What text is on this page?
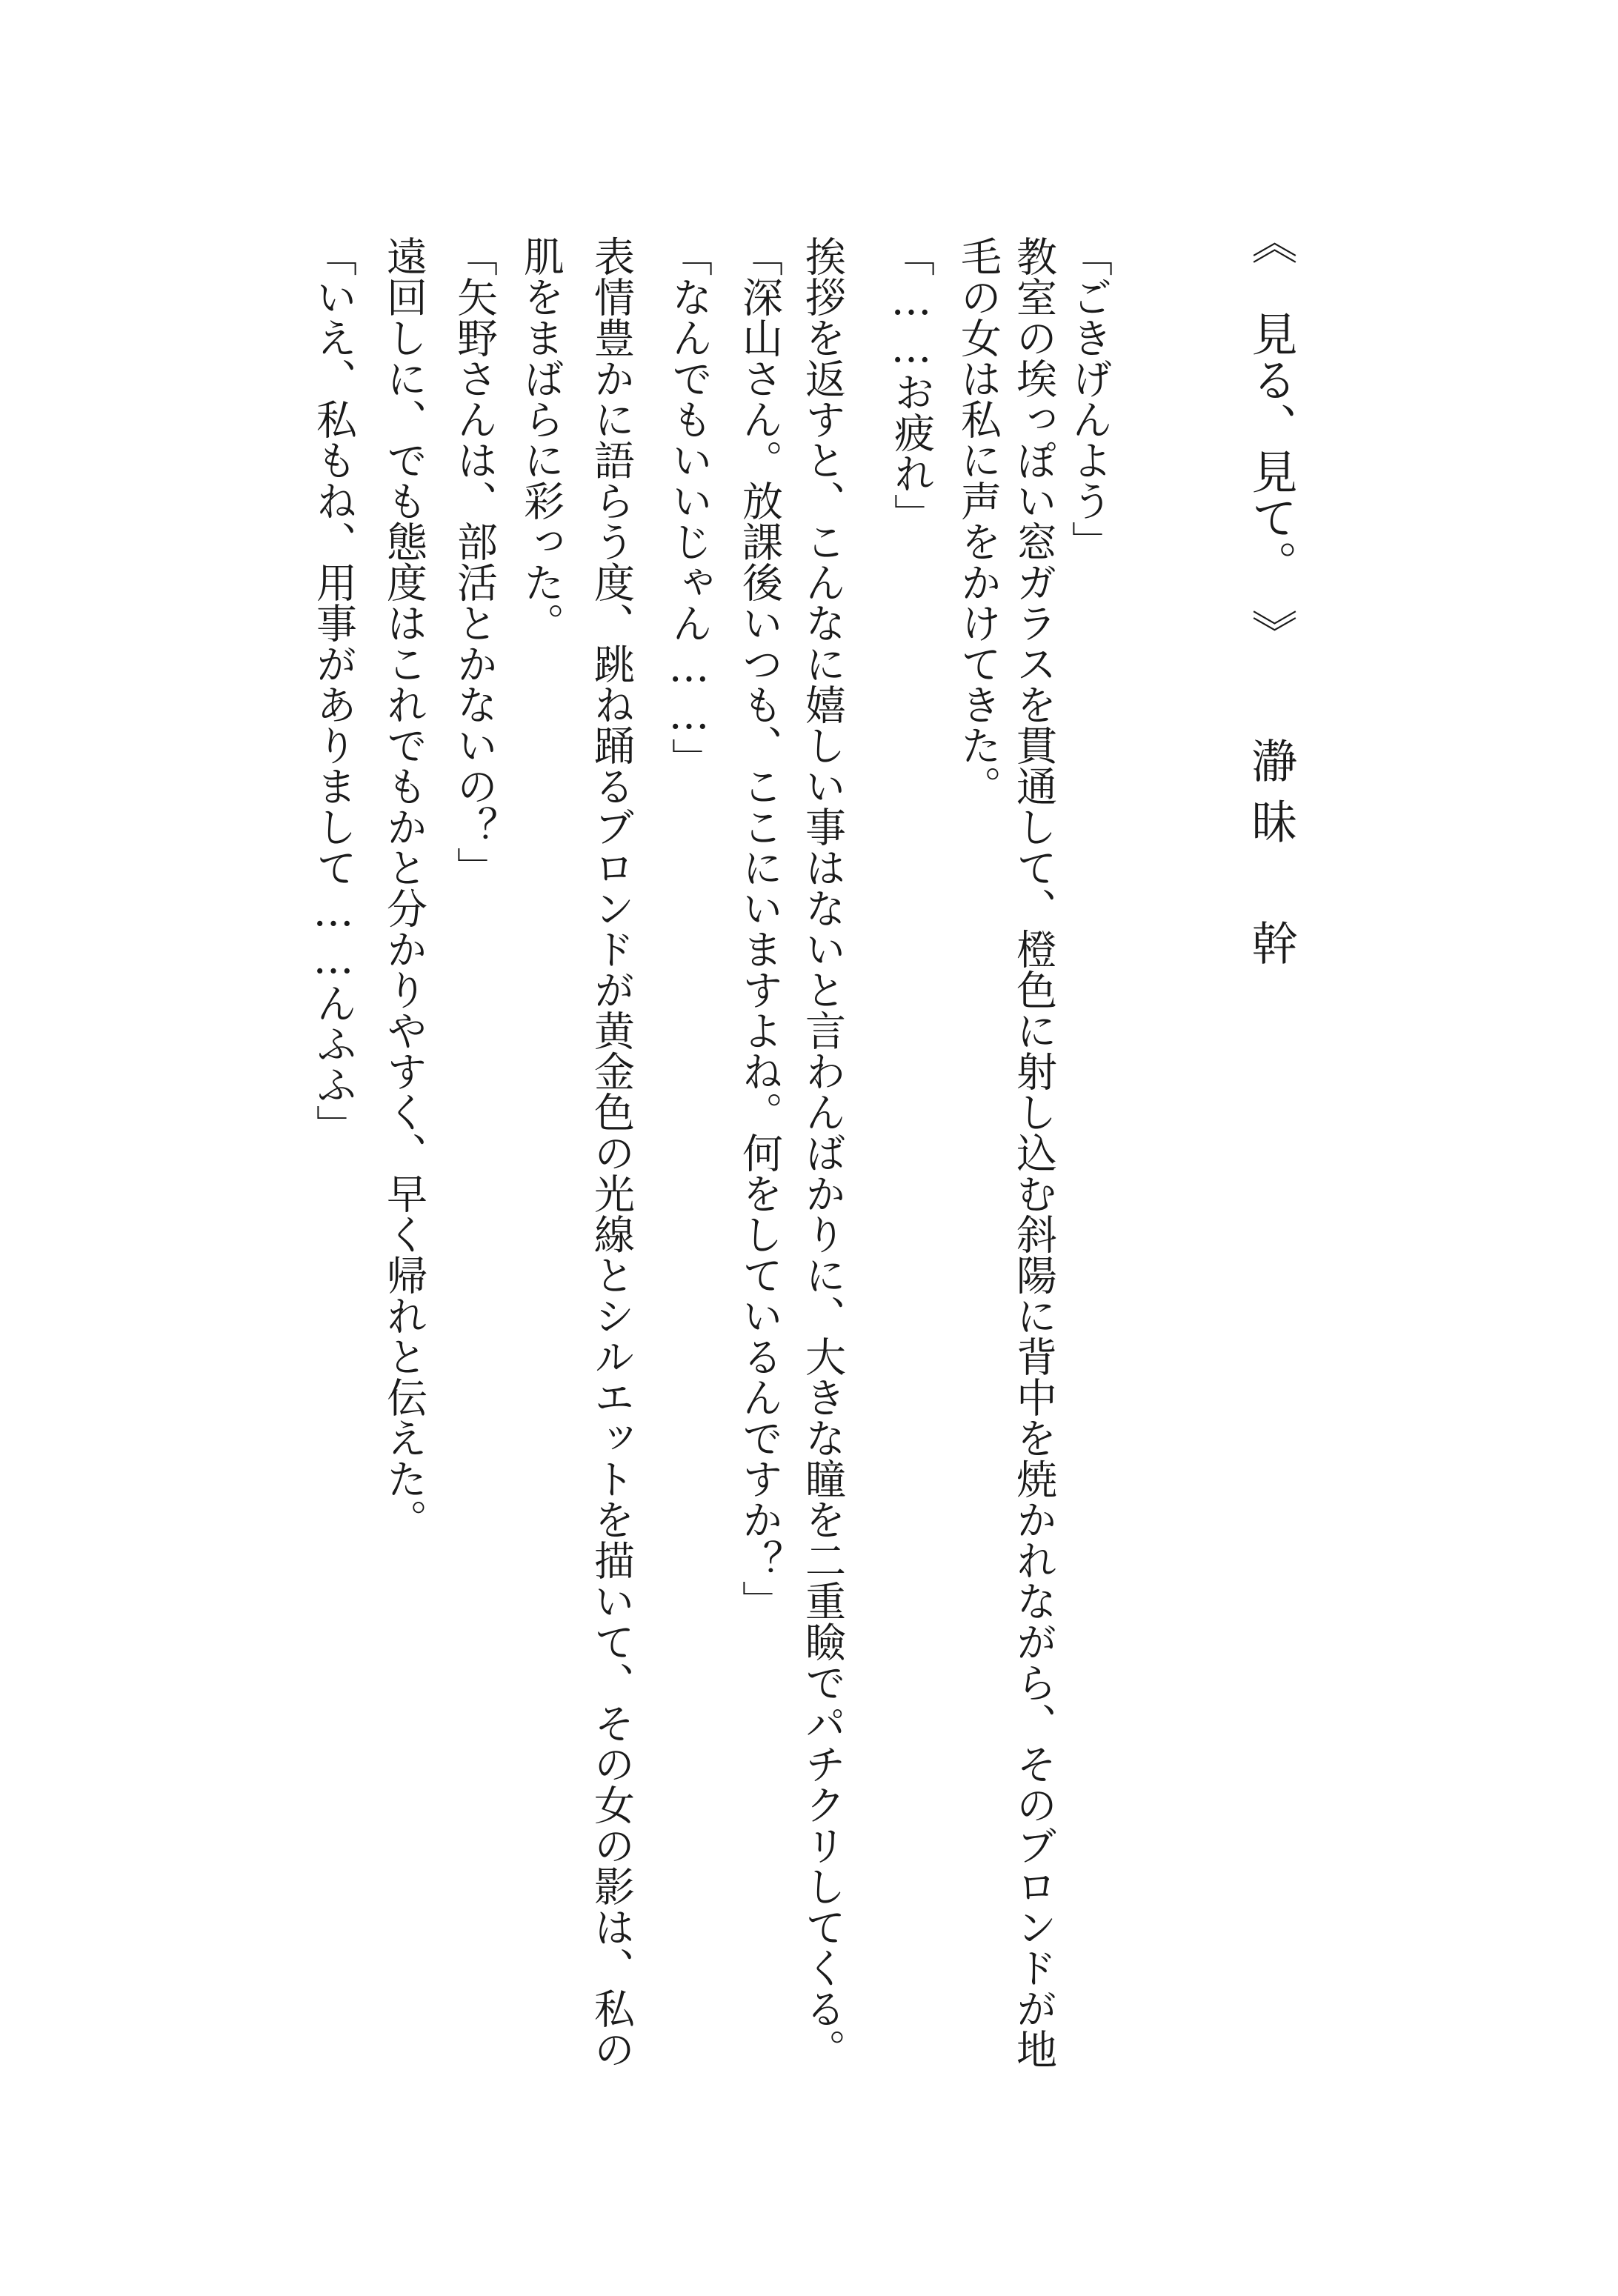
《　見る、見て。　》
瀞昧　幹
「ごきげんよう」
教室の埃っぽい窓ガラスを貫通して、橙色に射し込む斜陽に背中を焼かれながら、そのブロンドが地
毛の女は私に声をかけてきた。
「……お疲れ」
挨拶を返すと、こんなに嬉しい事はないと言わんばかりに、大きな瞳を二重瞼でパチクリしてくる。
「深山さん。放課後いつも、ここにいますよね。何をしているんですか？」
「なんでもいいじゃん……」
表情豊かに語らう度、跳ね踊るブロンドが黄金色の光線とシルエットを描いて、その女の影は、私の
肌をまばらに彩った。
「矢野さんは、部活とかないの？」
遠回しに、でも態度はこれでもかと分かりやすく、早く帰れと伝えた。
「いえ、私もね、用事がありまして……んふふ」
